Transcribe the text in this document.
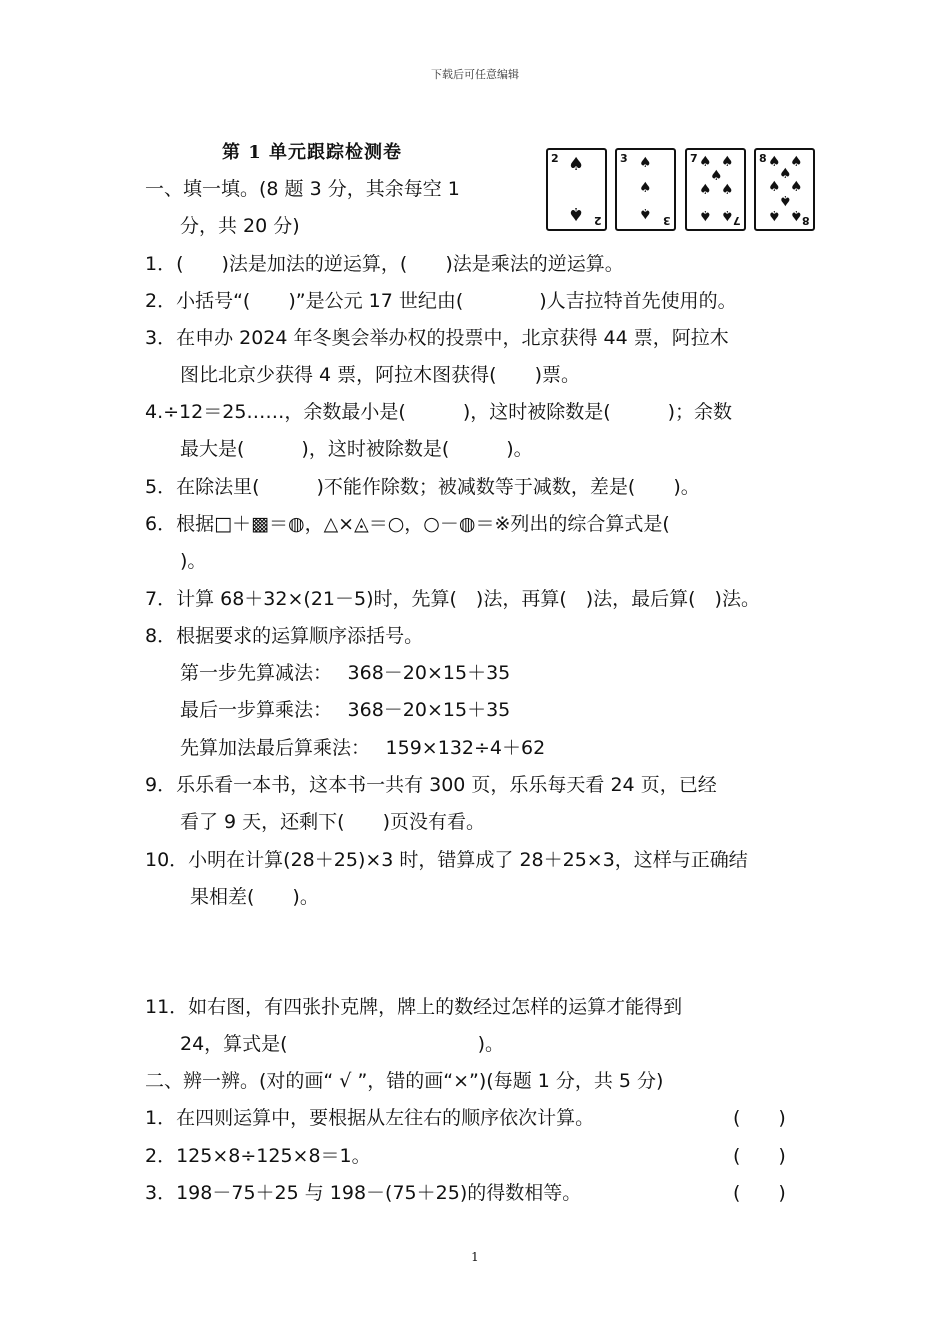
下载后可任意编辑
第 1 单元跟踪检测卷	2 ♠
♠ 2
3 ♠
♠
♠ 3
7 ♠ ♠
♠
♠ ♠
♠ ♠ 7
8 ♠ ♠
♠
♠ ♠
♠
♠ ♠ 8
一、填一填。(8 题 3 分，其余每空 1
分，共 20 分)
1．(　　)法是加法的逆运算，(　　)法是乘法的逆运算。
2．小括号“(　　)”是公元 17 世纪由(　　　　)人吉拉特首先使用的。
3．在申办 2024 年冬奥会举办权的投票中，北京获得 44 票，阿拉木
图比北京少获得 4 票，阿拉木图获得(　　)票。
4.÷12＝25……，余数最小是(　　　)，这时被除数是(　　　)；余数
最大是(　　　)，这时被除数是(　　　)。
5．在除法里(　　　)不能作除数；被减数等于减数，差是(　　)。
6．根据□＋▩＝◍，△×◬＝○，○－◍＝※列出的综合算式是(
)。
7．计算 68＋32×(21－5)时，先算(　)法，再算(　)法，最后算(　)法。
8．根据要求的运算顺序添括号。
第一步先算减法：　 368－20×15＋35
最后一步算乘法：　 368－20×15＋35
先算加法最后算乘法：　 159×132÷4＋62
9．乐乐看一本书，这本书一共有 300 页，乐乐每天看 24 页，已经
看了 9 天，还剩下(　　)页没有看。
10．小明在计算(28＋25)×3 时，错算成了 28＋25×3，这样与正确结
果相差(　　)。
11．如右图，有四张扑克牌，牌上的数经过怎样的运算才能得到
24，算式是(　　　　　　　　　　)。
二、辨一辨。(对的画“ √ ”，错的画“×”)(每题 1 分，共 5 分)
1．在四则运算中，要根据从左往右的顺序依次计算。	(　　)
2．125×8÷125×8＝1。	(　　)
3．198－75＋25 与 198－(75＋25)的得数相等。	(　　)
1
